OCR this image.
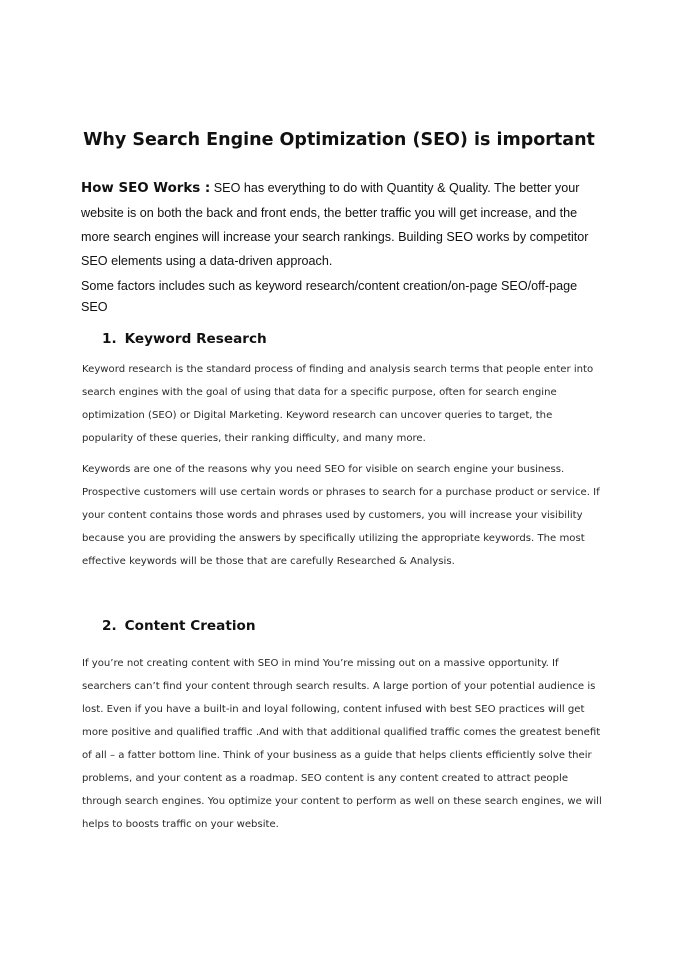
Why Search Engine Optimization (SEO) is important

How SEO Works : SEO has everything to do with Quantity & Quality. The better your website is on both the back and front ends, the better traffic you will get increase, and the more search engines will increase your search rankings. Building SEO works by competitor SEO elements using a data-driven approach.

Some factors includes such as keyword research/content creation/on-page SEO/off-page SEO

1. Keyword Research

Keyword research is the standard process of finding and analysis search terms that people enter into search engines with the goal of using that data for a specific purpose, often for search engine optimization (SEO) or Digital Marketing. Keyword research can uncover queries to target, the popularity of these queries, their ranking difficulty, and many more.

Keywords are one of the reasons why you need SEO for visible on search engine your business. Prospective customers will use certain words or phrases to search for a purchase product or service. If your content contains those words and phrases used by customers, you will increase your visibility because you are providing the answers by specifically utilizing the appropriate keywords. The most effective keywords will be those that are carefully Researched & Analysis.

2. Content Creation

If you’re not creating content with SEO in mind You’re missing out on a massive opportunity. If searchers can’t find your content through search results. A large portion of your potential audience is lost. Even if you have a built-in and loyal following, content infused with best SEO practices will get more positive and qualified traffic .And with that additional qualified traffic comes the greatest benefit of all – a fatter bottom line. Think of your business as a guide that helps clients efficiently solve their problems, and your content as a roadmap. SEO content is any content created to attract people through search engines. You optimize your content to perform as well on these search engines, we will helps to boosts traffic on your website.
